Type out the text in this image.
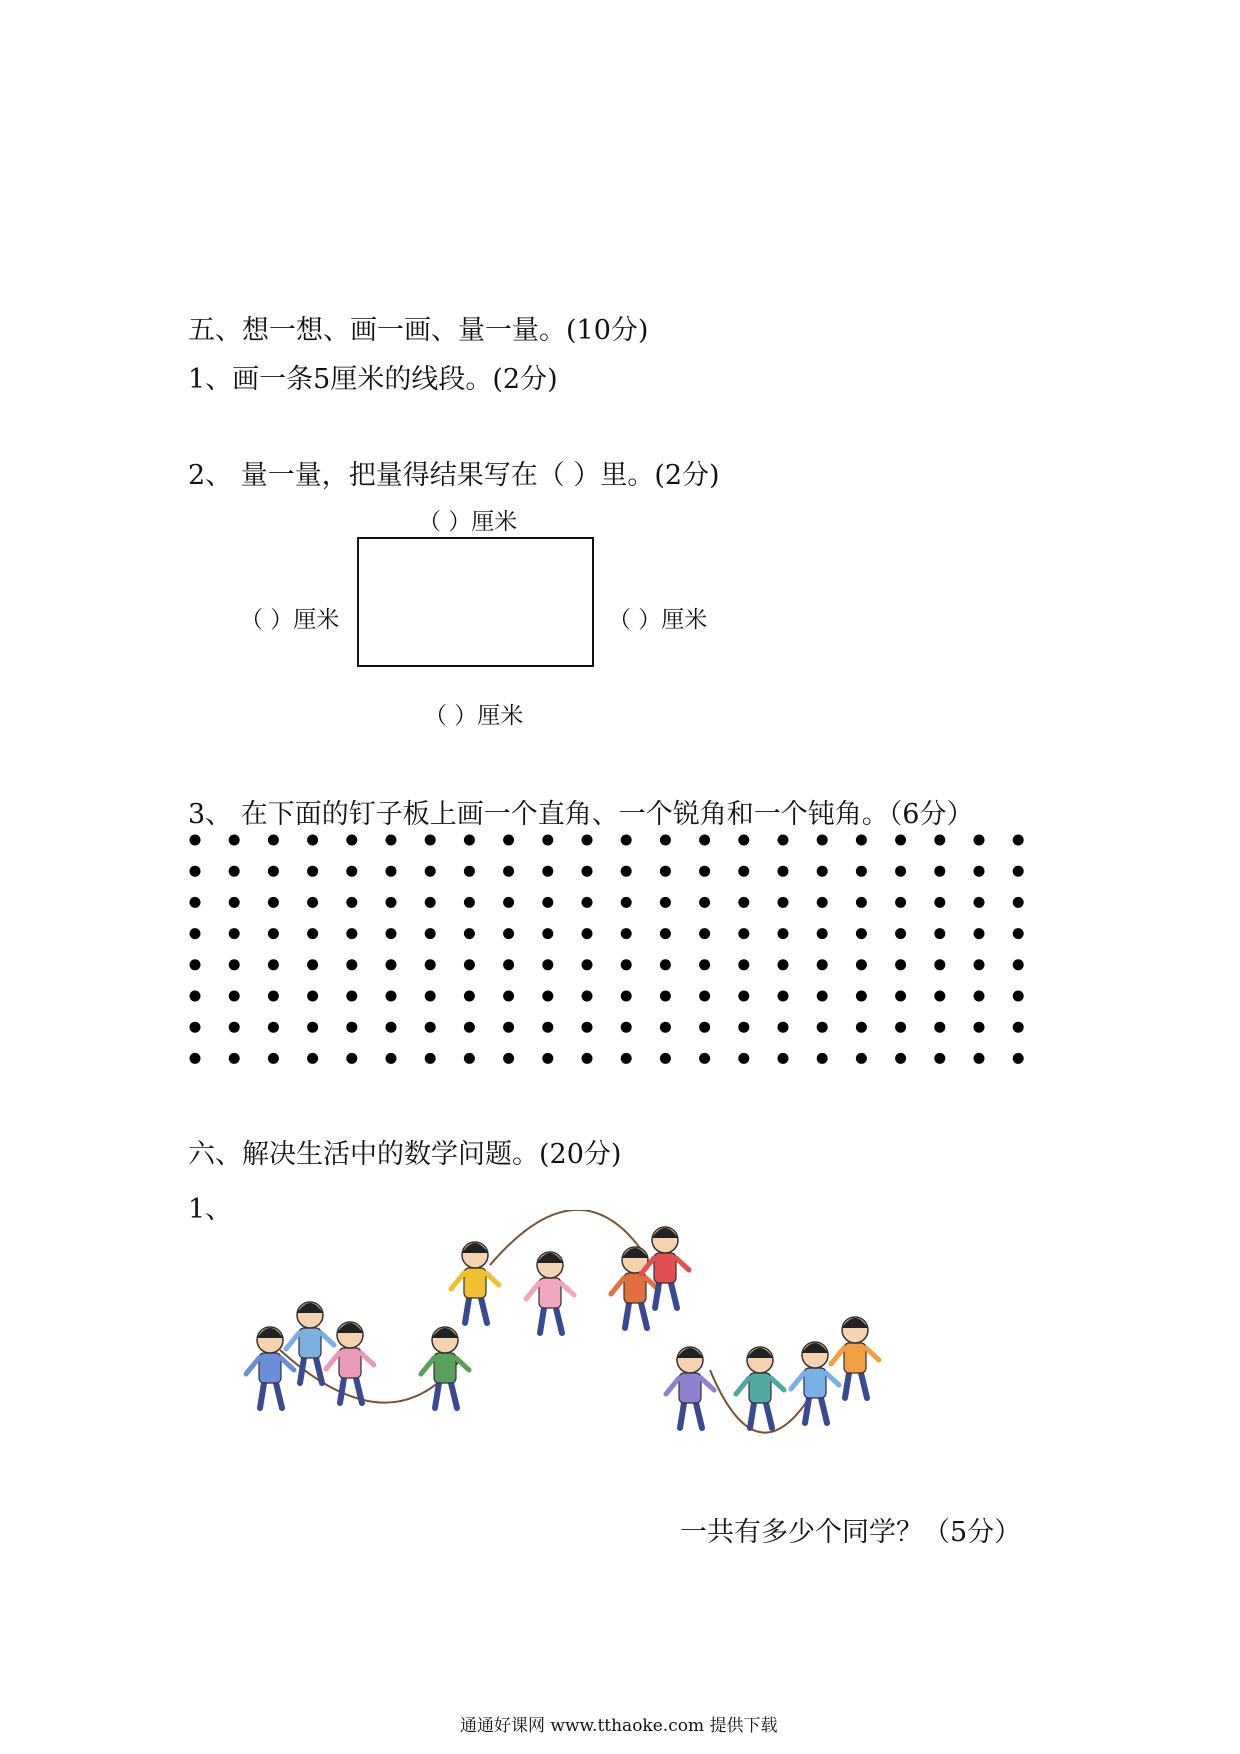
五、想一想、画一画、量一量。(10分)
1、画一条5厘米的线段。(2分)
2、 量一量，把量得结果写在（ ）里。(2分)
（ ）厘米
（ ）厘米	（ ）厘米
（ ）厘米
3、 在下面的钉子板上画一个直角、一个锐角和一个钝角。（6分）
六、解决生活中的数学问题。(20分)
1、
一共有多少个同学？（5分）
通通好课网 www.tthaoke.com 提供下载
